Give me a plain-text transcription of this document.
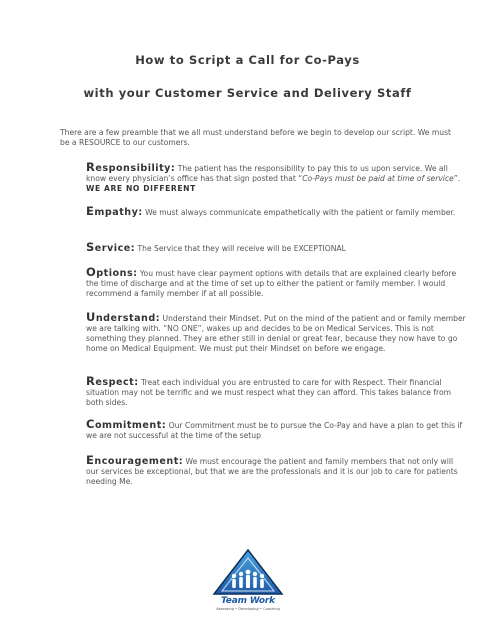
How to Script a Call for Co-Pays
with your Customer Service and Delivery Staff

There are a few preamble that we all must understand before we begin to develop our script. We must be a RESOURCE to our customers.

Responsibility: The patient has the responsibility to pay this to us upon service. We all know every physician’s office has that sign posted that “Co-Pays must be paid at time of service”. WE ARE NO DIFFERENT

Empathy: We must always communicate empathetically with the patient or family member.

Service: The Service that they will receive will be EXCEPTIONAL

Options: You must have clear payment options with details that are explained clearly before the time of discharge and at the time of set up to either the patient or family member. I would recommend a family member if at all possible.

Understand: Understand their Mindset. Put on the mind of the patient and or family member we are talking with. “NO ONE”, wakes up and decides to be on Medical Services. This is not something they planned. They are ether still in denial or great fear, because they now have to go home on Medical Equipment. We must put their Mindset on before we engage.

Respect: Treat each individual you are entrusted to care for with Respect. Their financial situation may not be terrific and we must respect what they can afford. This takes balance from both sides.

Commitment: Our Commitment must be to pursue the Co-Pay and have a plan to get this if we are not successful at the time of the setup

Encouragement: We must encourage the patient and family members that not only will our services be exceptional, but that we are the professionals and it is our job to care for patients needing Me.

Team Work
Assessing • Developing • Coaching
